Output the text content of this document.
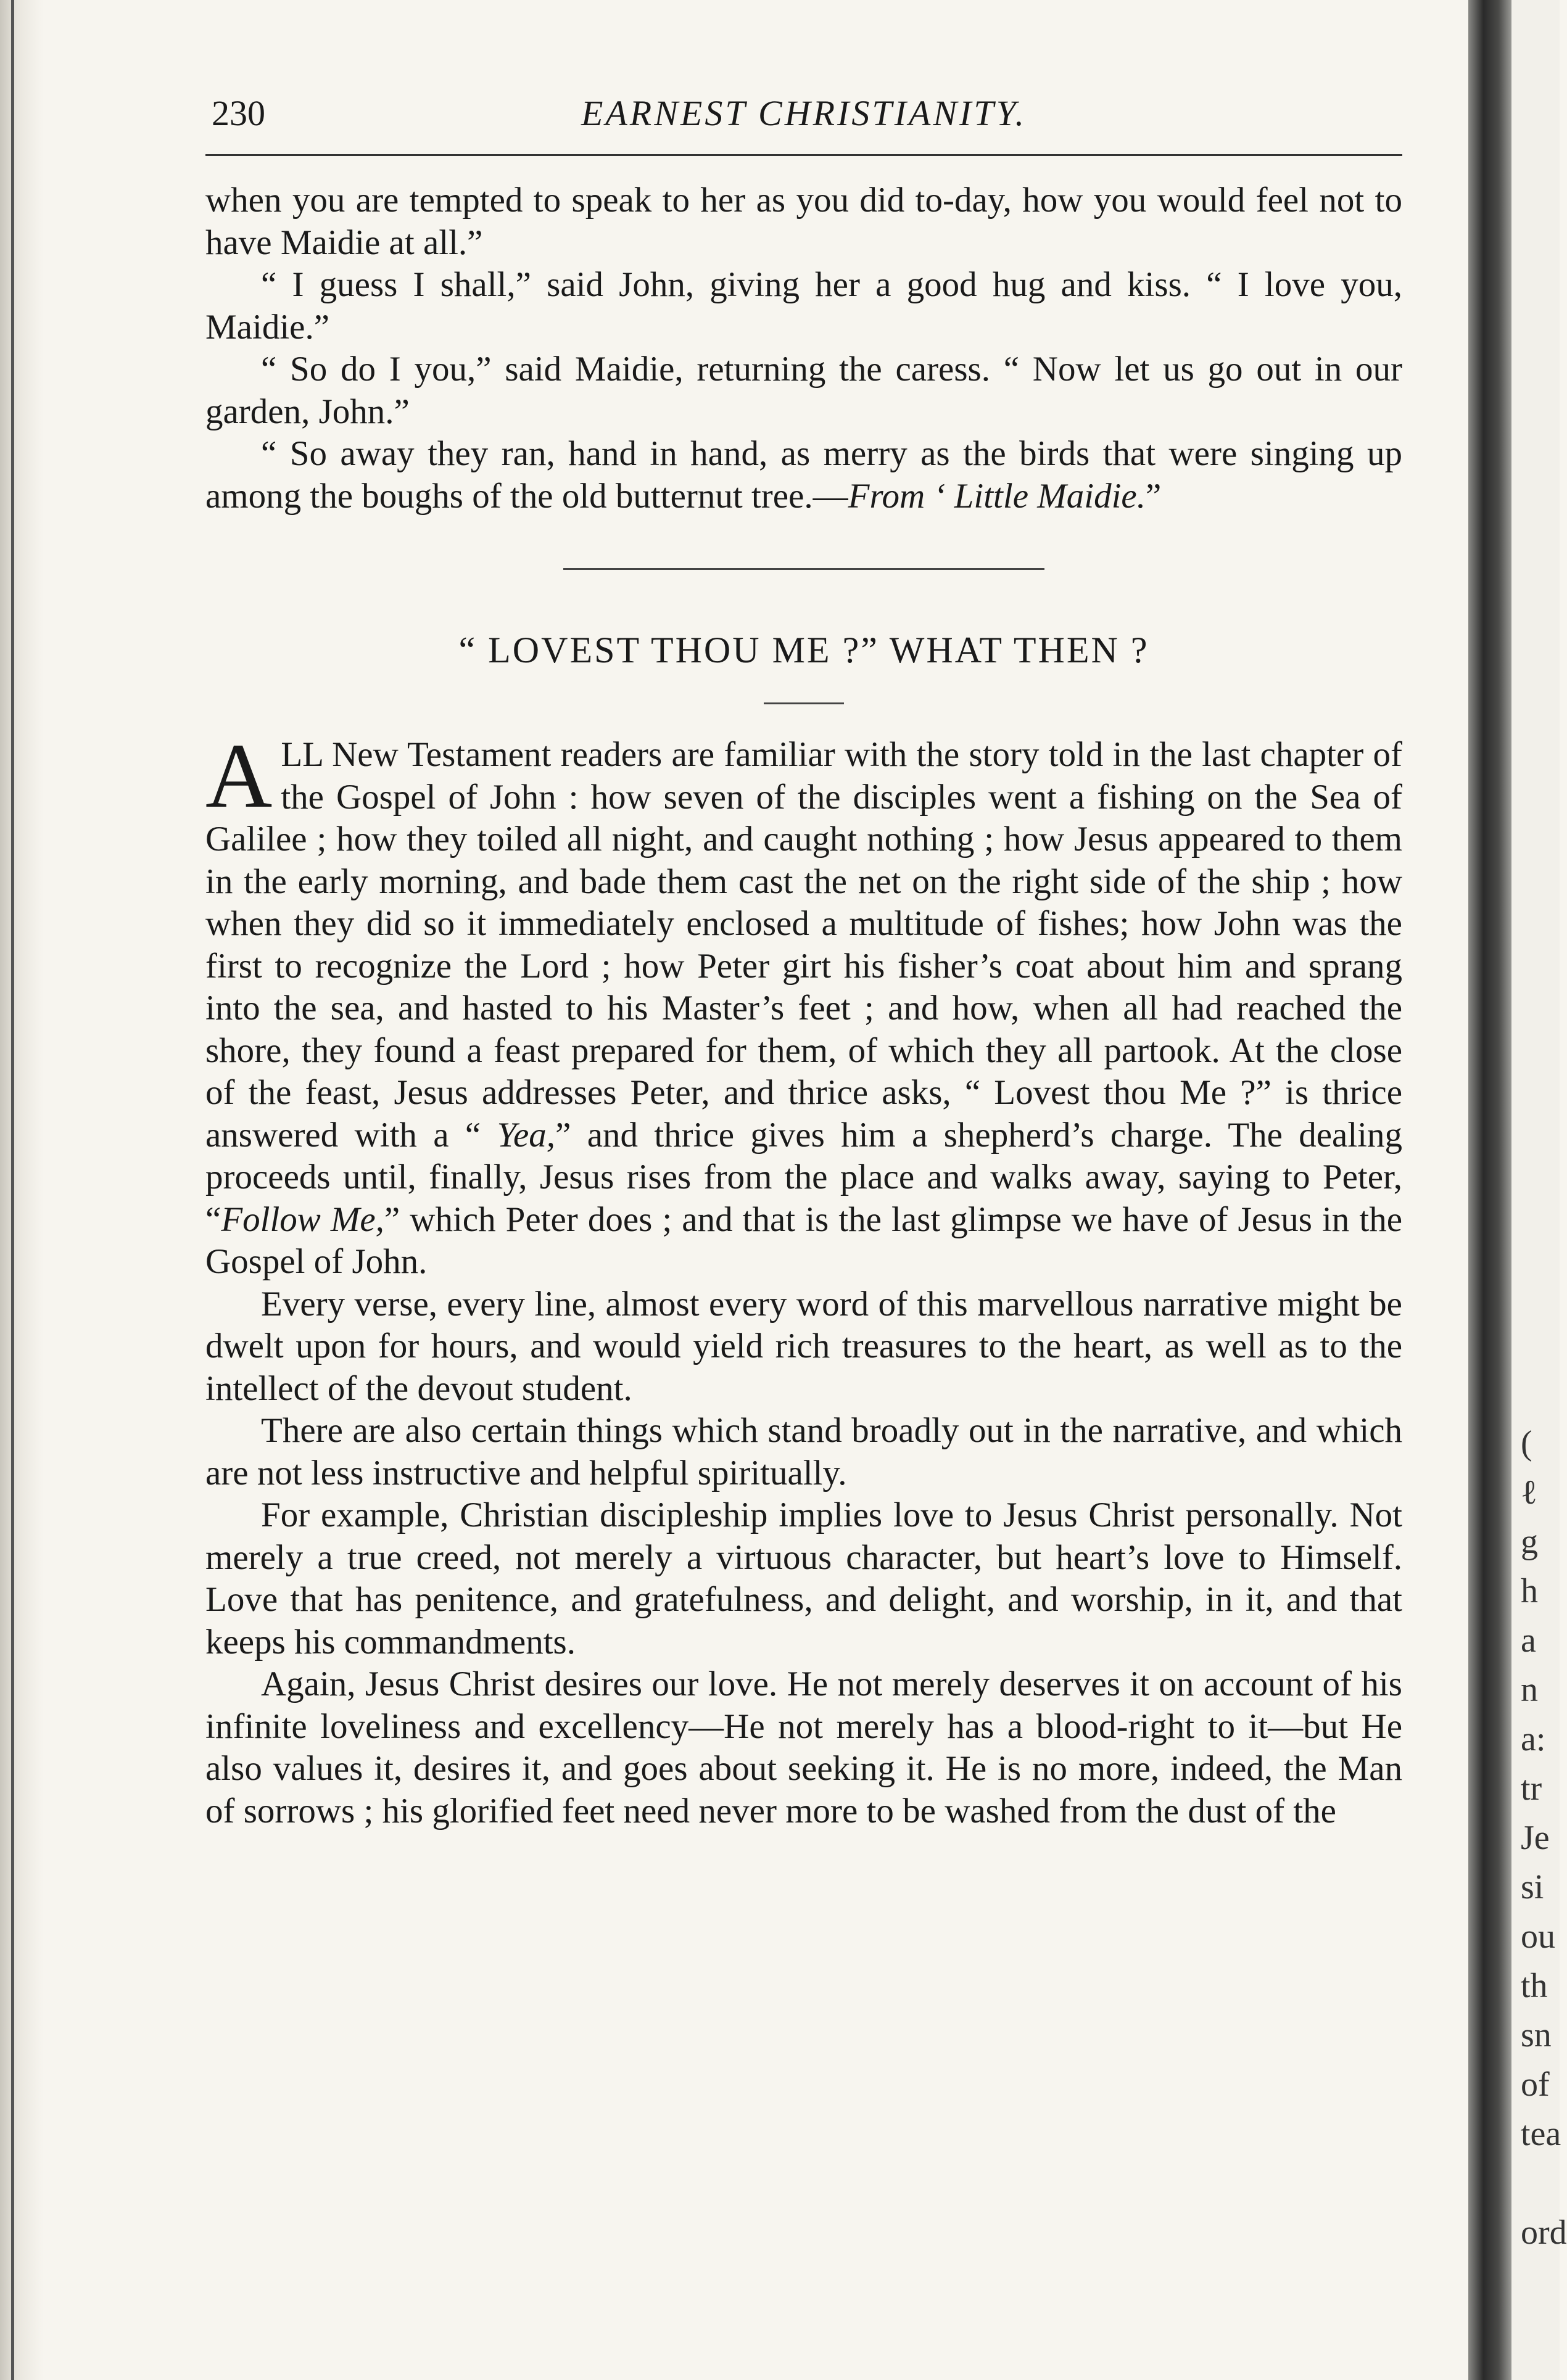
(
ℓ
g
h
a
n
a:
tr
Je
si
ou
th
sn
of
tea
ord
230	EARNEST CHRISTIANITY.

when you are tempted to speak to her as you did to-day, how you would feel not to have Maidie at all.”

“ I guess I shall,” said John, giving her a good hug and kiss. “ I love you, Maidie.”

“ So do I you,” said Maidie, returning the caress. “ Now let us go out in our garden, John.”

“ So away they ran, hand in hand, as merry as the birds that were singing up among the boughs of the old butternut tree.—From ‘ Little Maidie.”

“ LOVEST THOU ME ?” WHAT THEN ?

ALL New Testament readers are familiar with the story told in the last chapter of the Gospel of John : how seven of the disciples went a fishing on the Sea of Galilee ; how they toiled all night, and caught nothing ; how Jesus appeared to them in the early morning, and bade them cast the net on the right side of the ship ; how when they did so it immediately enclosed a multitude of fishes; how John was the first to recognize the Lord ; how Peter girt his fisher’s coat about him and sprang into the sea, and hasted to his Master’s feet ; and how, when all had reached the shore, they found a feast prepared for them, of which they all partook. At the close of the feast, Jesus addresses Peter, and thrice asks, “ Lovest thou Me ?” is thrice answered with a “ Yea,” and thrice gives him a shepherd’s charge. The dealing proceeds until, finally, Jesus rises from the place and walks away, saying to Peter, “Follow Me,” which Peter does ; and that is the last glimpse we have of Jesus in the Gospel of John.

Every verse, every line, almost every word of this marvellous narrative might be dwelt upon for hours, and would yield rich treasures to the heart, as well as to the intellect of the devout student.

There are also certain things which stand broadly out in the narrative, and which are not less instructive and helpful spiritually.

For example, Christian discipleship implies love to Jesus Christ personally. Not merely a true creed, not merely a virtuous character, but heart’s love to Himself. Love that has penitence, and gratefulness, and delight, and worship, in it, and that keeps his commandments.

Again, Jesus Christ desires our love. He not merely deserves it on account of his infinite loveliness and excellency—He not merely has a blood-right to it—but He also values it, desires it, and goes about seeking it. He is no more, indeed, the Man of sorrows ; his glorified feet need never more to be washed from the dust of the
